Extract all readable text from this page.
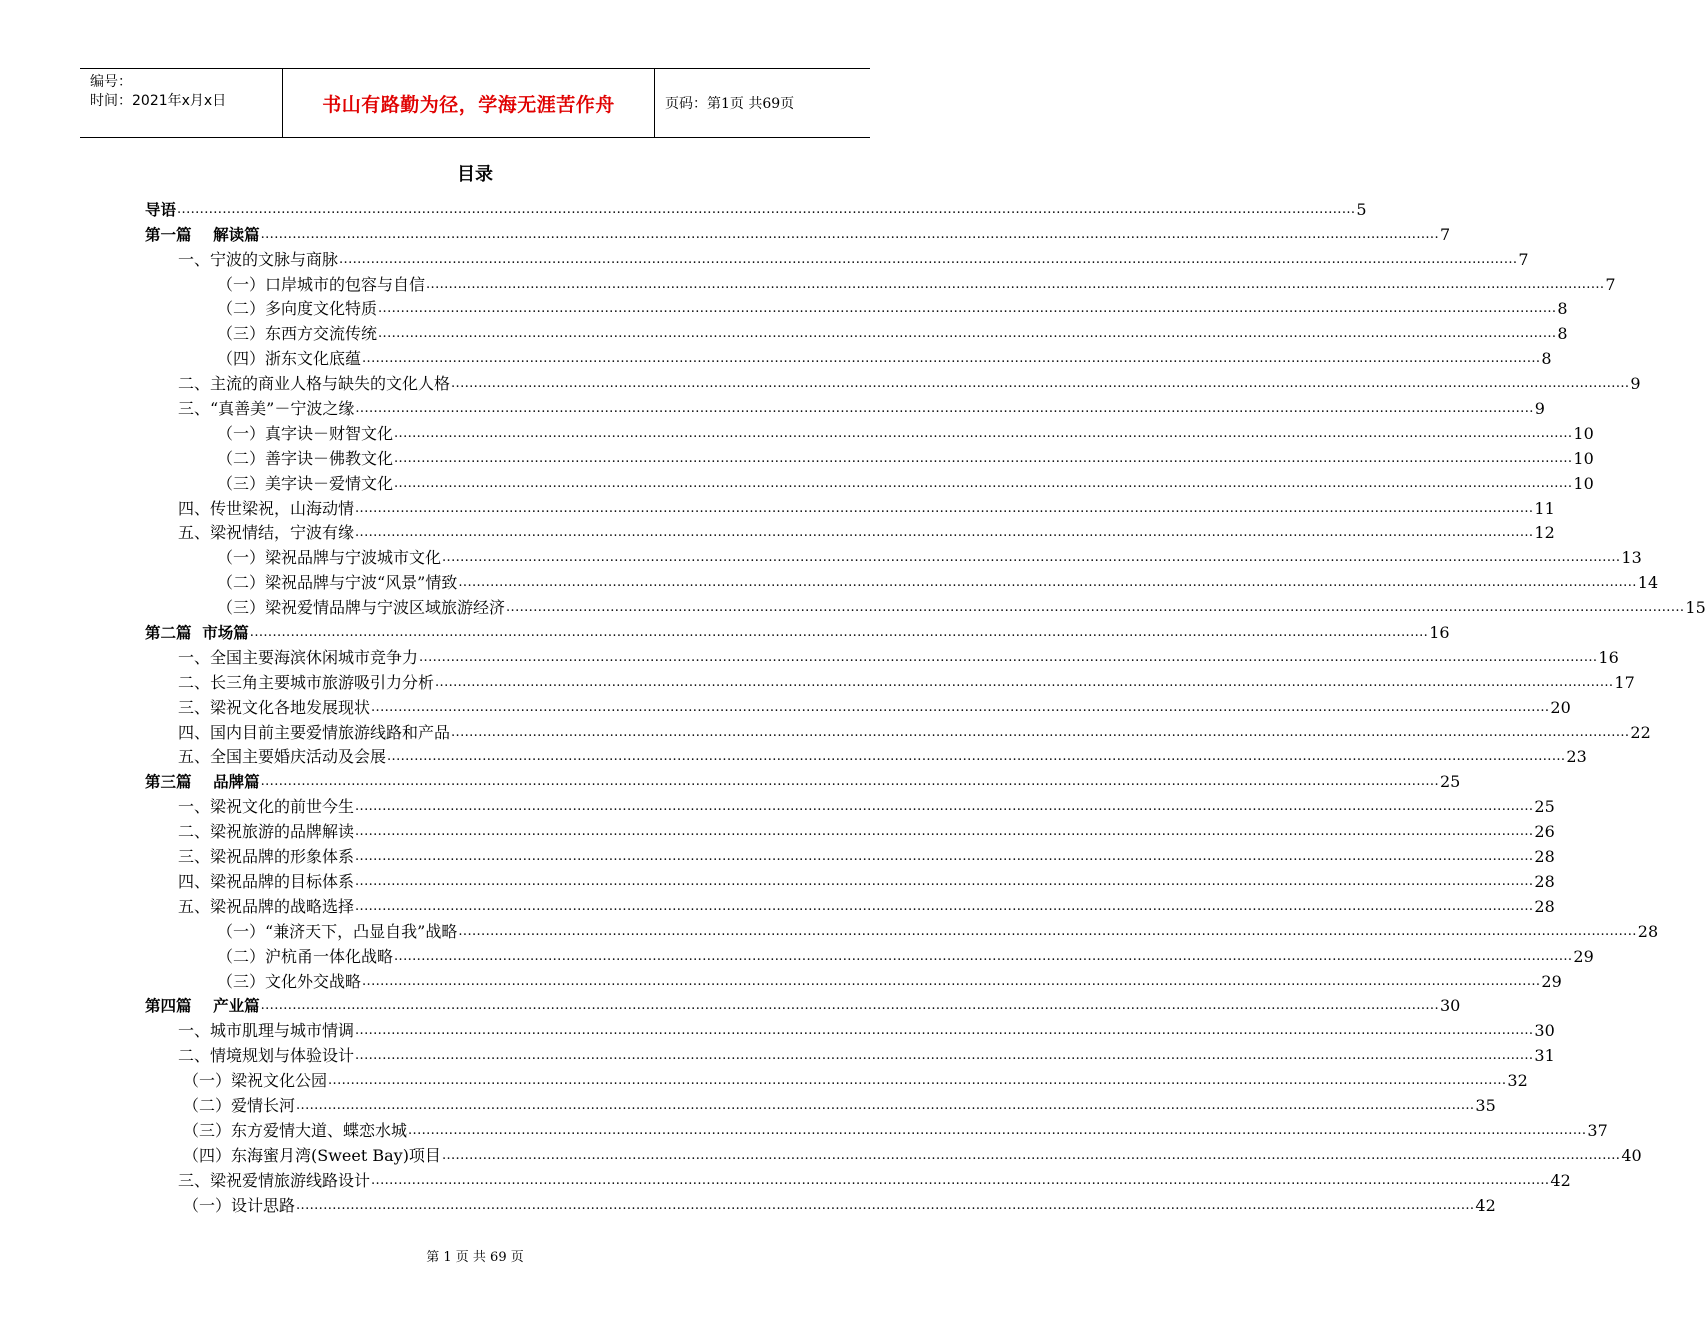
编号：
时间：2021年x月x日	书山有路勤为径，学海无涯苦作舟	页码：第1页 共69页
目录
导语 .................................................................................................................................................................................................................................................................... 5
第一篇    解读篇 .................................................................................................................................................................................................................................................................... 7
一、宁波的文脉与商脉 .................................................................................................................................................................................................................................................................... 7
（一）口岸城市的包容与自信 .................................................................................................................................................................................................................................................................... 7
（二）多向度文化特质 .................................................................................................................................................................................................................................................................... 8
（三）东西方交流传统 .................................................................................................................................................................................................................................................................... 8
（四）浙东文化底蕴 .................................................................................................................................................................................................................................................................... 8
二、主流的商业人格与缺失的文化人格 .................................................................................................................................................................................................................................................................... 9
三、“真善美”－宁波之缘 .................................................................................................................................................................................................................................................................... 9
（一）真字诀－财智文化 .................................................................................................................................................................................................................................................................... 10
（二）善字诀－佛教文化 .................................................................................................................................................................................................................................................................... 10
（三）美字诀－爱情文化 .................................................................................................................................................................................................................................................................... 10
四、传世梁祝，山海动情 .................................................................................................................................................................................................................................................................... 11
五、梁祝情结，宁波有缘 .................................................................................................................................................................................................................................................................... 12
（一）梁祝品牌与宁波城市文化 .................................................................................................................................................................................................................................................................... 13
（二）梁祝品牌与宁波“风景”情致 .................................................................................................................................................................................................................................................................... 14
（三）梁祝爱情品牌与宁波区域旅游经济 .................................................................................................................................................................................................................................................................... 15
第二篇  市场篇 .................................................................................................................................................................................................................................................................... 16
一、全国主要海滨休闲城市竞争力 .................................................................................................................................................................................................................................................................... 16
二、长三角主要城市旅游吸引力分析 .................................................................................................................................................................................................................................................................... 17
三、梁祝文化各地发展现状 .................................................................................................................................................................................................................................................................... 20
四、国内目前主要爱情旅游线路和产品 .................................................................................................................................................................................................................................................................... 22
五、全国主要婚庆活动及会展 .................................................................................................................................................................................................................................................................... 23
第三篇    品牌篇 .................................................................................................................................................................................................................................................................... 25
一、梁祝文化的前世今生 .................................................................................................................................................................................................................................................................... 25
二、梁祝旅游的品牌解读 .................................................................................................................................................................................................................................................................... 26
三、梁祝品牌的形象体系 .................................................................................................................................................................................................................................................................... 28
四、梁祝品牌的目标体系 .................................................................................................................................................................................................................................................................... 28
五、梁祝品牌的战略选择 .................................................................................................................................................................................................................................................................... 28
（一）“兼济天下，凸显自我”战略 .................................................................................................................................................................................................................................................................... 28
（二）沪杭甬一体化战略 .................................................................................................................................................................................................................................................................... 29
（三）文化外交战略 .................................................................................................................................................................................................................................................................... 29
第四篇    产业篇 .................................................................................................................................................................................................................................................................... 30
一、城市肌理与城市情调 .................................................................................................................................................................................................................................................................... 30
二、情境规划与体验设计 .................................................................................................................................................................................................................................................................... 31
（一）梁祝文化公园 .................................................................................................................................................................................................................................................................... 32
（二）爱情长河 .................................................................................................................................................................................................................................................................... 35
（三）东方爱情大道、蝶恋水城 .................................................................................................................................................................................................................................................................... 37
（四）东海蜜月湾(Sweet Bay)项目 .................................................................................................................................................................................................................................................................... 40
三、梁祝爱情旅游线路设计 .................................................................................................................................................................................................................................................................... 42
（一）设计思路 .................................................................................................................................................................................................................................................................... 42
第 1 页 共 69 页
